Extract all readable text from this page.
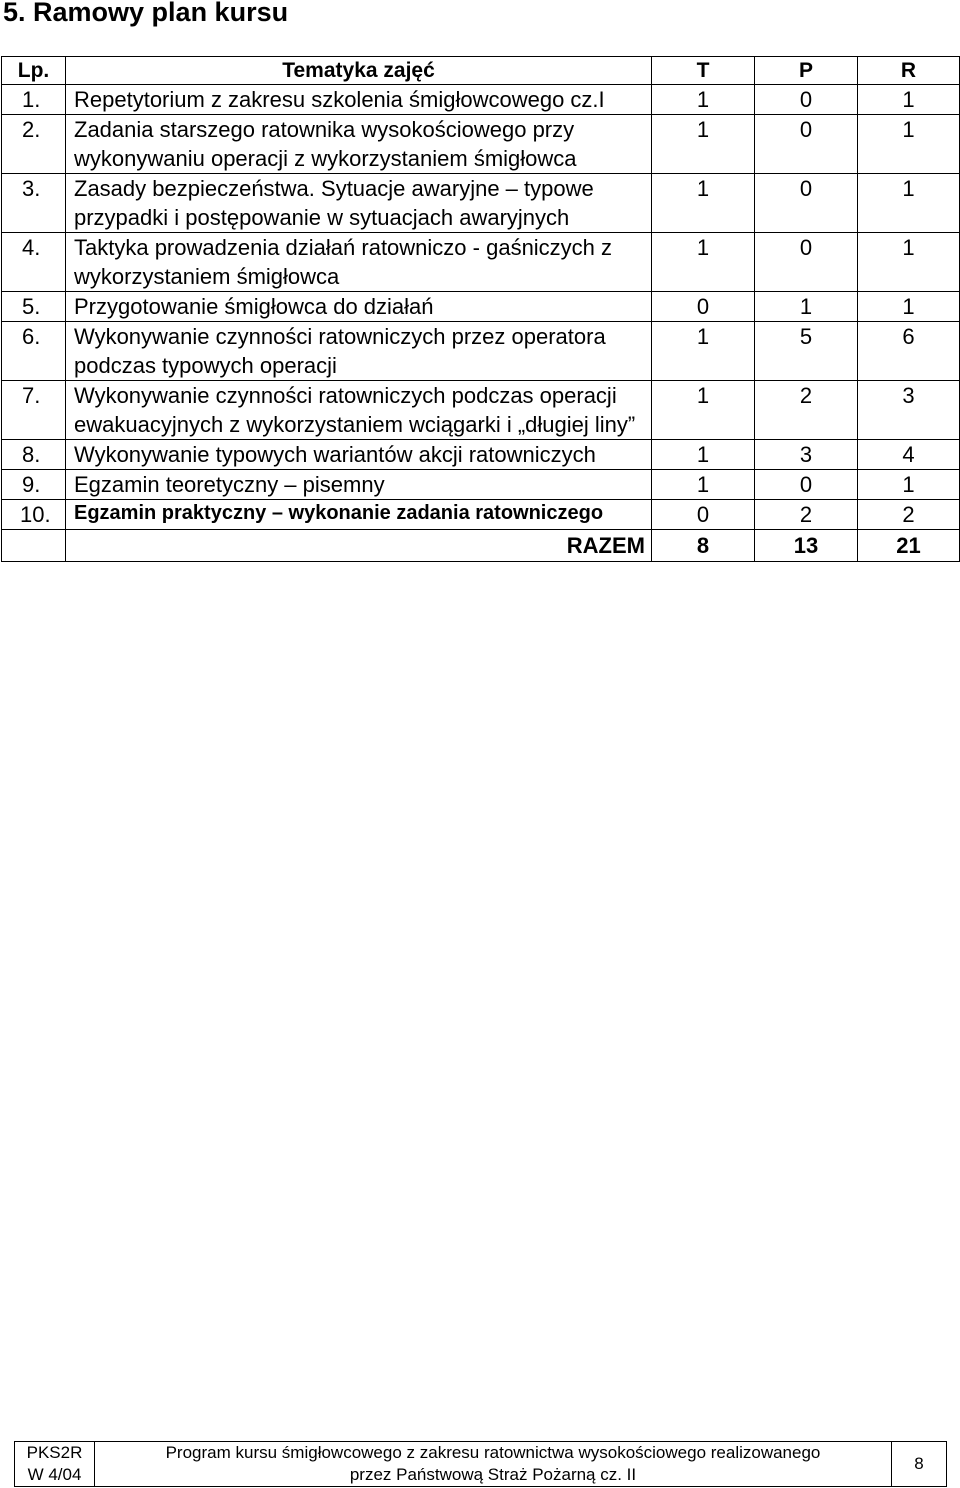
5. Ramowy plan kursu
Lp.	Tematyka zajęć	T	P	R
1.	Repetytorium z zakresu szkolenia śmigłowcowego cz.I	1	0	1
2.	Zadania starszego ratownika wysokościowego przy wykonywaniu operacji z wykorzystaniem śmigłowca	1	0	1
3.	Zasady bezpieczeństwa. Sytuacje awaryjne – typowe przypadki i postępowanie w sytuacjach awaryjnych	1	0	1
4.	Taktyka prowadzenia działań ratowniczo - gaśniczych z wykorzystaniem śmigłowca	1	0	1
5.	Przygotowanie śmigłowca do działań	0	1	1
6.	Wykonywanie czynności ratowniczych przez operatora  podczas typowych operacji	1	5	6
7.	Wykonywanie czynności ratowniczych podczas operacji ewakuacyjnych z wykorzystaniem wciągarki i „długiej liny”	1	2	3
8.	Wykonywanie typowych wariantów akcji ratowniczych	1	3	4
9.	Egzamin teoretyczny – pisemny	1	0	1
10.	Egzamin praktyczny – wykonanie zadania ratowniczego	0	2	2
	RAZEM	8	13	21
PKS2R
W 4/04

Program kursu śmigłowcowego z zakresu ratownictwa wysokościowego realizowanego
przez Państwową Straż Pożarną cz. II
	8
